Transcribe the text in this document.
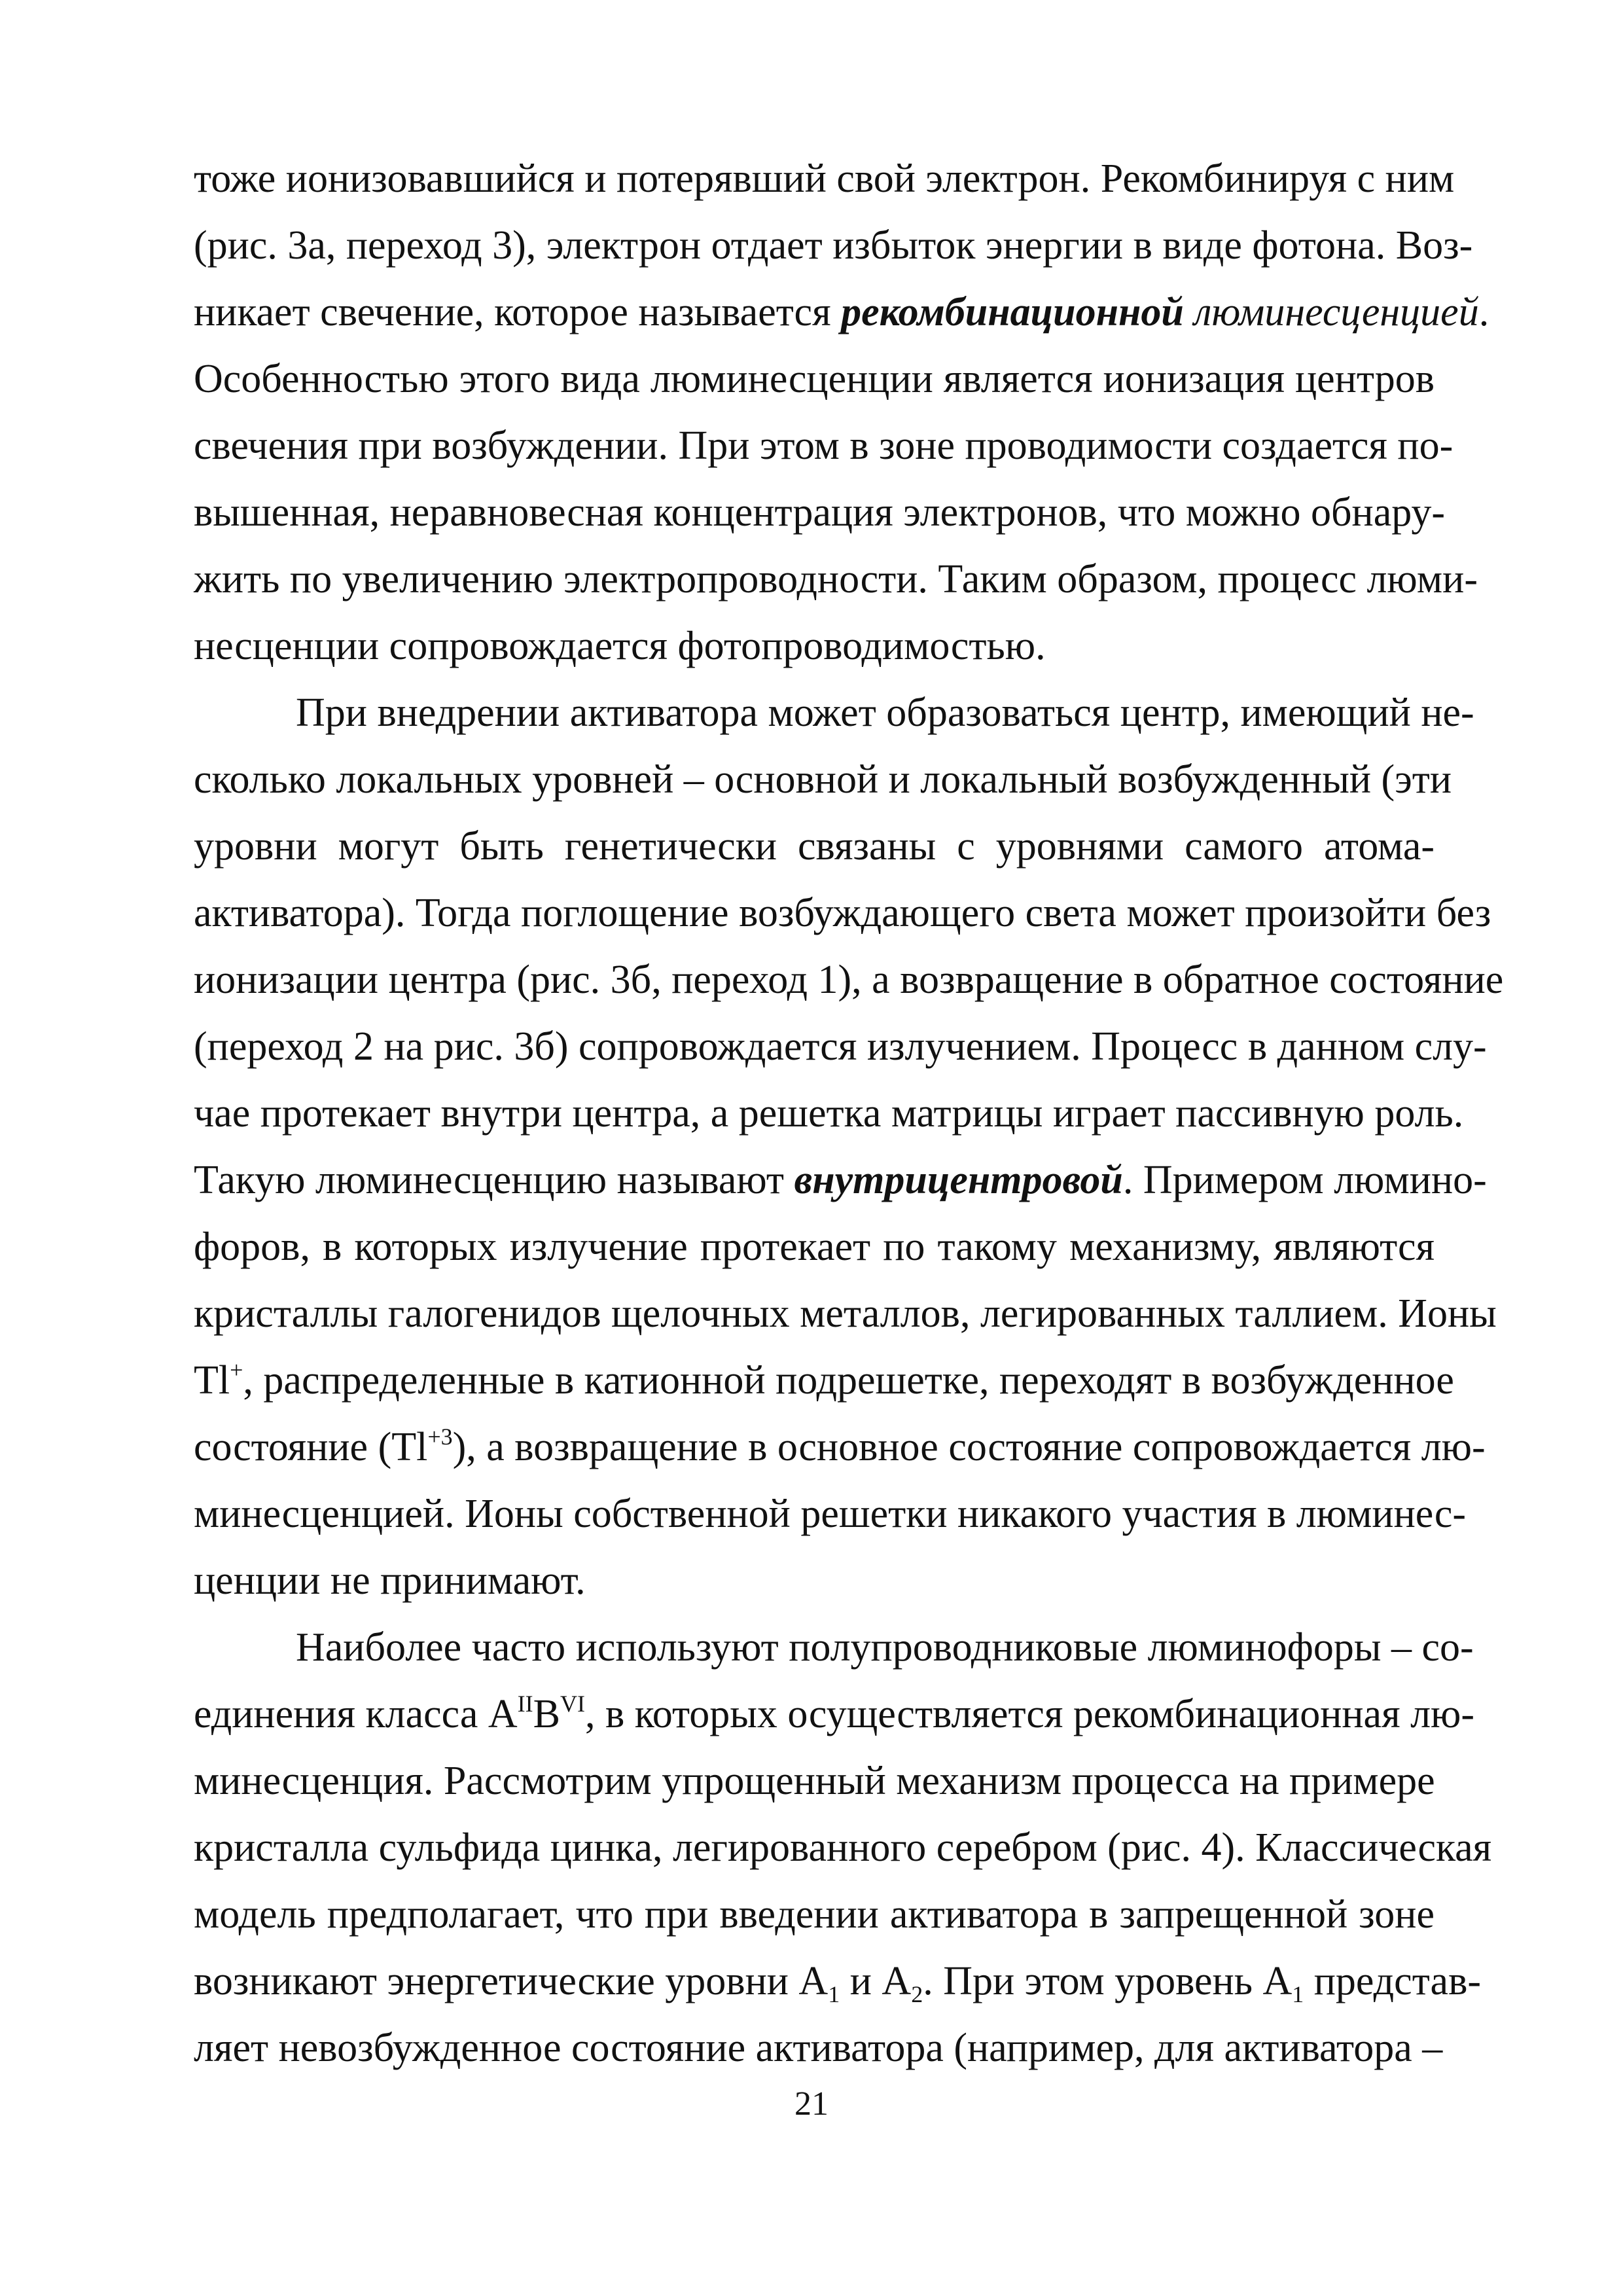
тоже ионизовавшийся и потерявший свой электрон. Рекомбинируя с ним
(рис. 3а, переход 3), электрон отдает избыток энергии в виде фотона. Воз-
никает свечение, которое называется рекомбинационной люминесценцией.
Особенностью этого вида люминесценции является ионизация центров
свечения при возбуждении. При этом в зоне проводимости создается по-
вышенная, неравновесная концентрация электронов, что можно обнару-
жить по увеличению электропроводности. Таким образом, процесс люми-
несценции сопровождается фотопроводимостью.
При внедрении активатора может образоваться центр, имеющий не-
сколько локальных уровней – основной и локальный возбужденный (эти
уровни могут быть генетически связаны с уровнями самого атома-
активатора). Тогда поглощение возбуждающего света может произойти без
ионизации центра (рис. 3б, переход 1), а возвращение в обратное состояние
(переход 2 на рис. 3б) сопровождается излучением. Процесс в данном слу-
чае протекает внутри центра, а решетка матрицы играет пассивную роль.
Такую люминесценцию называют внутрицентровой. Примером люмино-
форов, в которых излучение протекает по такому механизму, являются
кристаллы галогенидов щелочных металлов, легированных таллием. Ионы
Tl+, распределенные в катионной подрешетке, переходят в возбужденное
состояние $(Tl^{+3})$, а возвращение в основное состояние сопровождается лю-
минесценцией. Ионы собственной решетки никакого участия в люминес-
ценции не принимают.
Наиболее часто используют полупроводниковые люминофоры – со-
единения класса $A^{II}B^{VI}$, в которых осуществляется рекомбинационная лю-
минесценция. Рассмотрим упрощенный механизм процесса на примере
кристалла сульфида цинка, легированного серебром (рис. 4). Классическая
модель предполагает, что при введении активатора в запрещенной зоне
возникают энергетические уровни $A_1$ и $A_2$. При этом уровень $A_1$ представ-
ляет невозбужденное состояние активатора (например, для активатора –
21
